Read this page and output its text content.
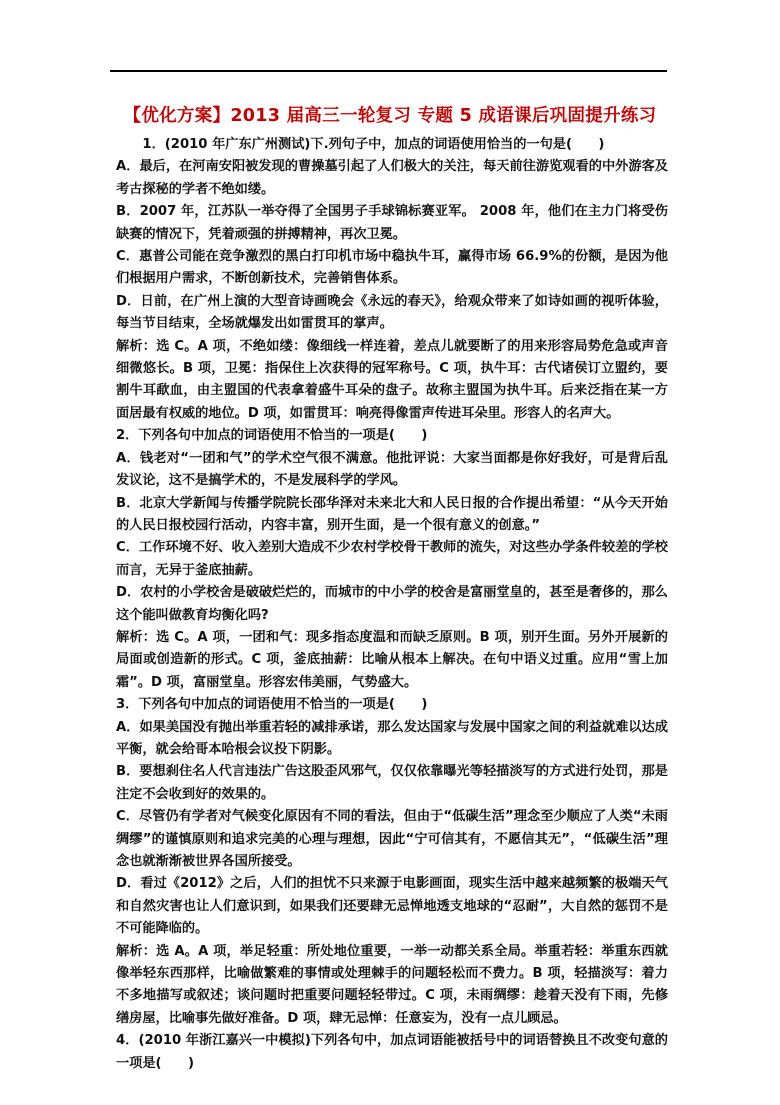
【优化方案】2013 届高三一轮复习 专题 5 成语课后巩固提升练习

1．(2010 年广东广州测试)下.列句子中，加点的词语使用恰当的一句是(　　)

A．最后，在河南安阳被发现的曹操墓引起了人们极大的关注，每天前往游览观看的中外游客及考古探秘的学者不绝如缕。

B．2007 年，江苏队一举夺得了全国男子手球锦标赛亚军。 2008 年，他们在主力门将受伤缺赛的情况下，凭着顽强的拼搏精神，再次卫冕。

C．惠普公司能在竞争激烈的黑白打印机市场中稳执牛耳，赢得市场 66.9%的份额，是因为他们根据用户需求，不断创新技术，完善销售体系。

D．日前，在广州上演的大型音诗画晚会《永远的春天》，给观众带来了如诗如画的视听体验，每当节目结束，全场就爆发出如雷贯耳的掌声。

解析：选 C。A 项，不绝如缕：像细线一样连着，差点儿就要断了的用来形容局势危急或声音细微悠长。B 项，卫冕：指保住上次获得的冠军称号。C 项，执牛耳：古代诸侯订立盟约，要割牛耳歃血，由主盟国的代表拿着盛牛耳朵的盘子。故称主盟国为执牛耳。后来泛指在某一方面居最有权威的地位。D 项，如雷贯耳：响亮得像雷声传进耳朵里。形容人的名声大。

2．下列各句中加点的词语使用不恰当的一项是(　　)

A．钱老对“一团和气”的学术空气很不满意。他批评说：大家当面都是你好我好，可是背后乱发议论，这不是搞学术的，不是发展科学的学风。

B．北京大学新闻与传播学院院长邵华泽对未来北大和人民日报的合作提出希望：“从今天开始的人民日报校园行活动，内容丰富，别开生面，是一个很有意义的创意。”

C．工作环境不好、收入差别大造成不少农村学校骨干教师的流失，对这些办学条件较差的学校而言，无异于釜底抽薪。

D．农村的小学校舍是破破烂烂的，而城市的中小学的校舍是富丽堂皇的，甚至是奢侈的，那么这个能叫做教育均衡化吗?

解析：选 C。A 项，一团和气：现多指态度温和而缺乏原则。B 项，别开生面。另外开展新的局面或创造新的形式。C 项，釜底抽薪：比喻从根本上解决。在句中语义过重。应用“雪上加霜”。D 项，富丽堂皇。形容宏伟美丽，气势盛大。

3．下列各句中加点的词语使用不恰当的一项是(　　)

A．如果美国没有抛出举重若轻的减排承诺，那么发达国家与发展中国家之间的利益就难以达成平衡，就会给哥本哈根会议投下阴影。

B．要想刹住名人代言违法广告这股歪风邪气，仅仅依靠曝光等轻描淡写的方式进行处罚，那是注定不会收到好的效果的。

C．尽管仍有学者对气候变化原因有不同的看法，但由于“低碳生活”理念至少顺应了人类“未雨绸缪”的谨慎原则和追求完美的心理与理想，因此“宁可信其有，不愿信其无”，“低碳生活”理念也就渐渐被世界各国所接受。

D．看过《2012》之后，人们的担忧不只来源于电影画面，现实生活中越来越频繁的极端天气和自然灾害也让人们意识到，如果我们还要肆无忌惮地透支地球的“忍耐”，大自然的惩罚不是不可能降临的。

解析：选 A。A 项，举足轻重：所处地位重要，一举一动都关系全局。举重若轻：举重东西就像举轻东西那样，比喻做繁难的事情或处理棘手的问题轻松而不费力。B 项，轻描淡写：着力不多地描写或叙述；谈问题时把重要问题轻轻带过。C 项，未雨绸缪：趁着天没有下雨，先修缮房屋，比喻事先做好准备。D 项，肆无忌惮：任意妄为，没有一点儿顾忌。

4．(2010 年浙江嘉兴一中模拟)下列各句中，加点词语能被括号中的词语替换且不改变句意的一项是(　　)
